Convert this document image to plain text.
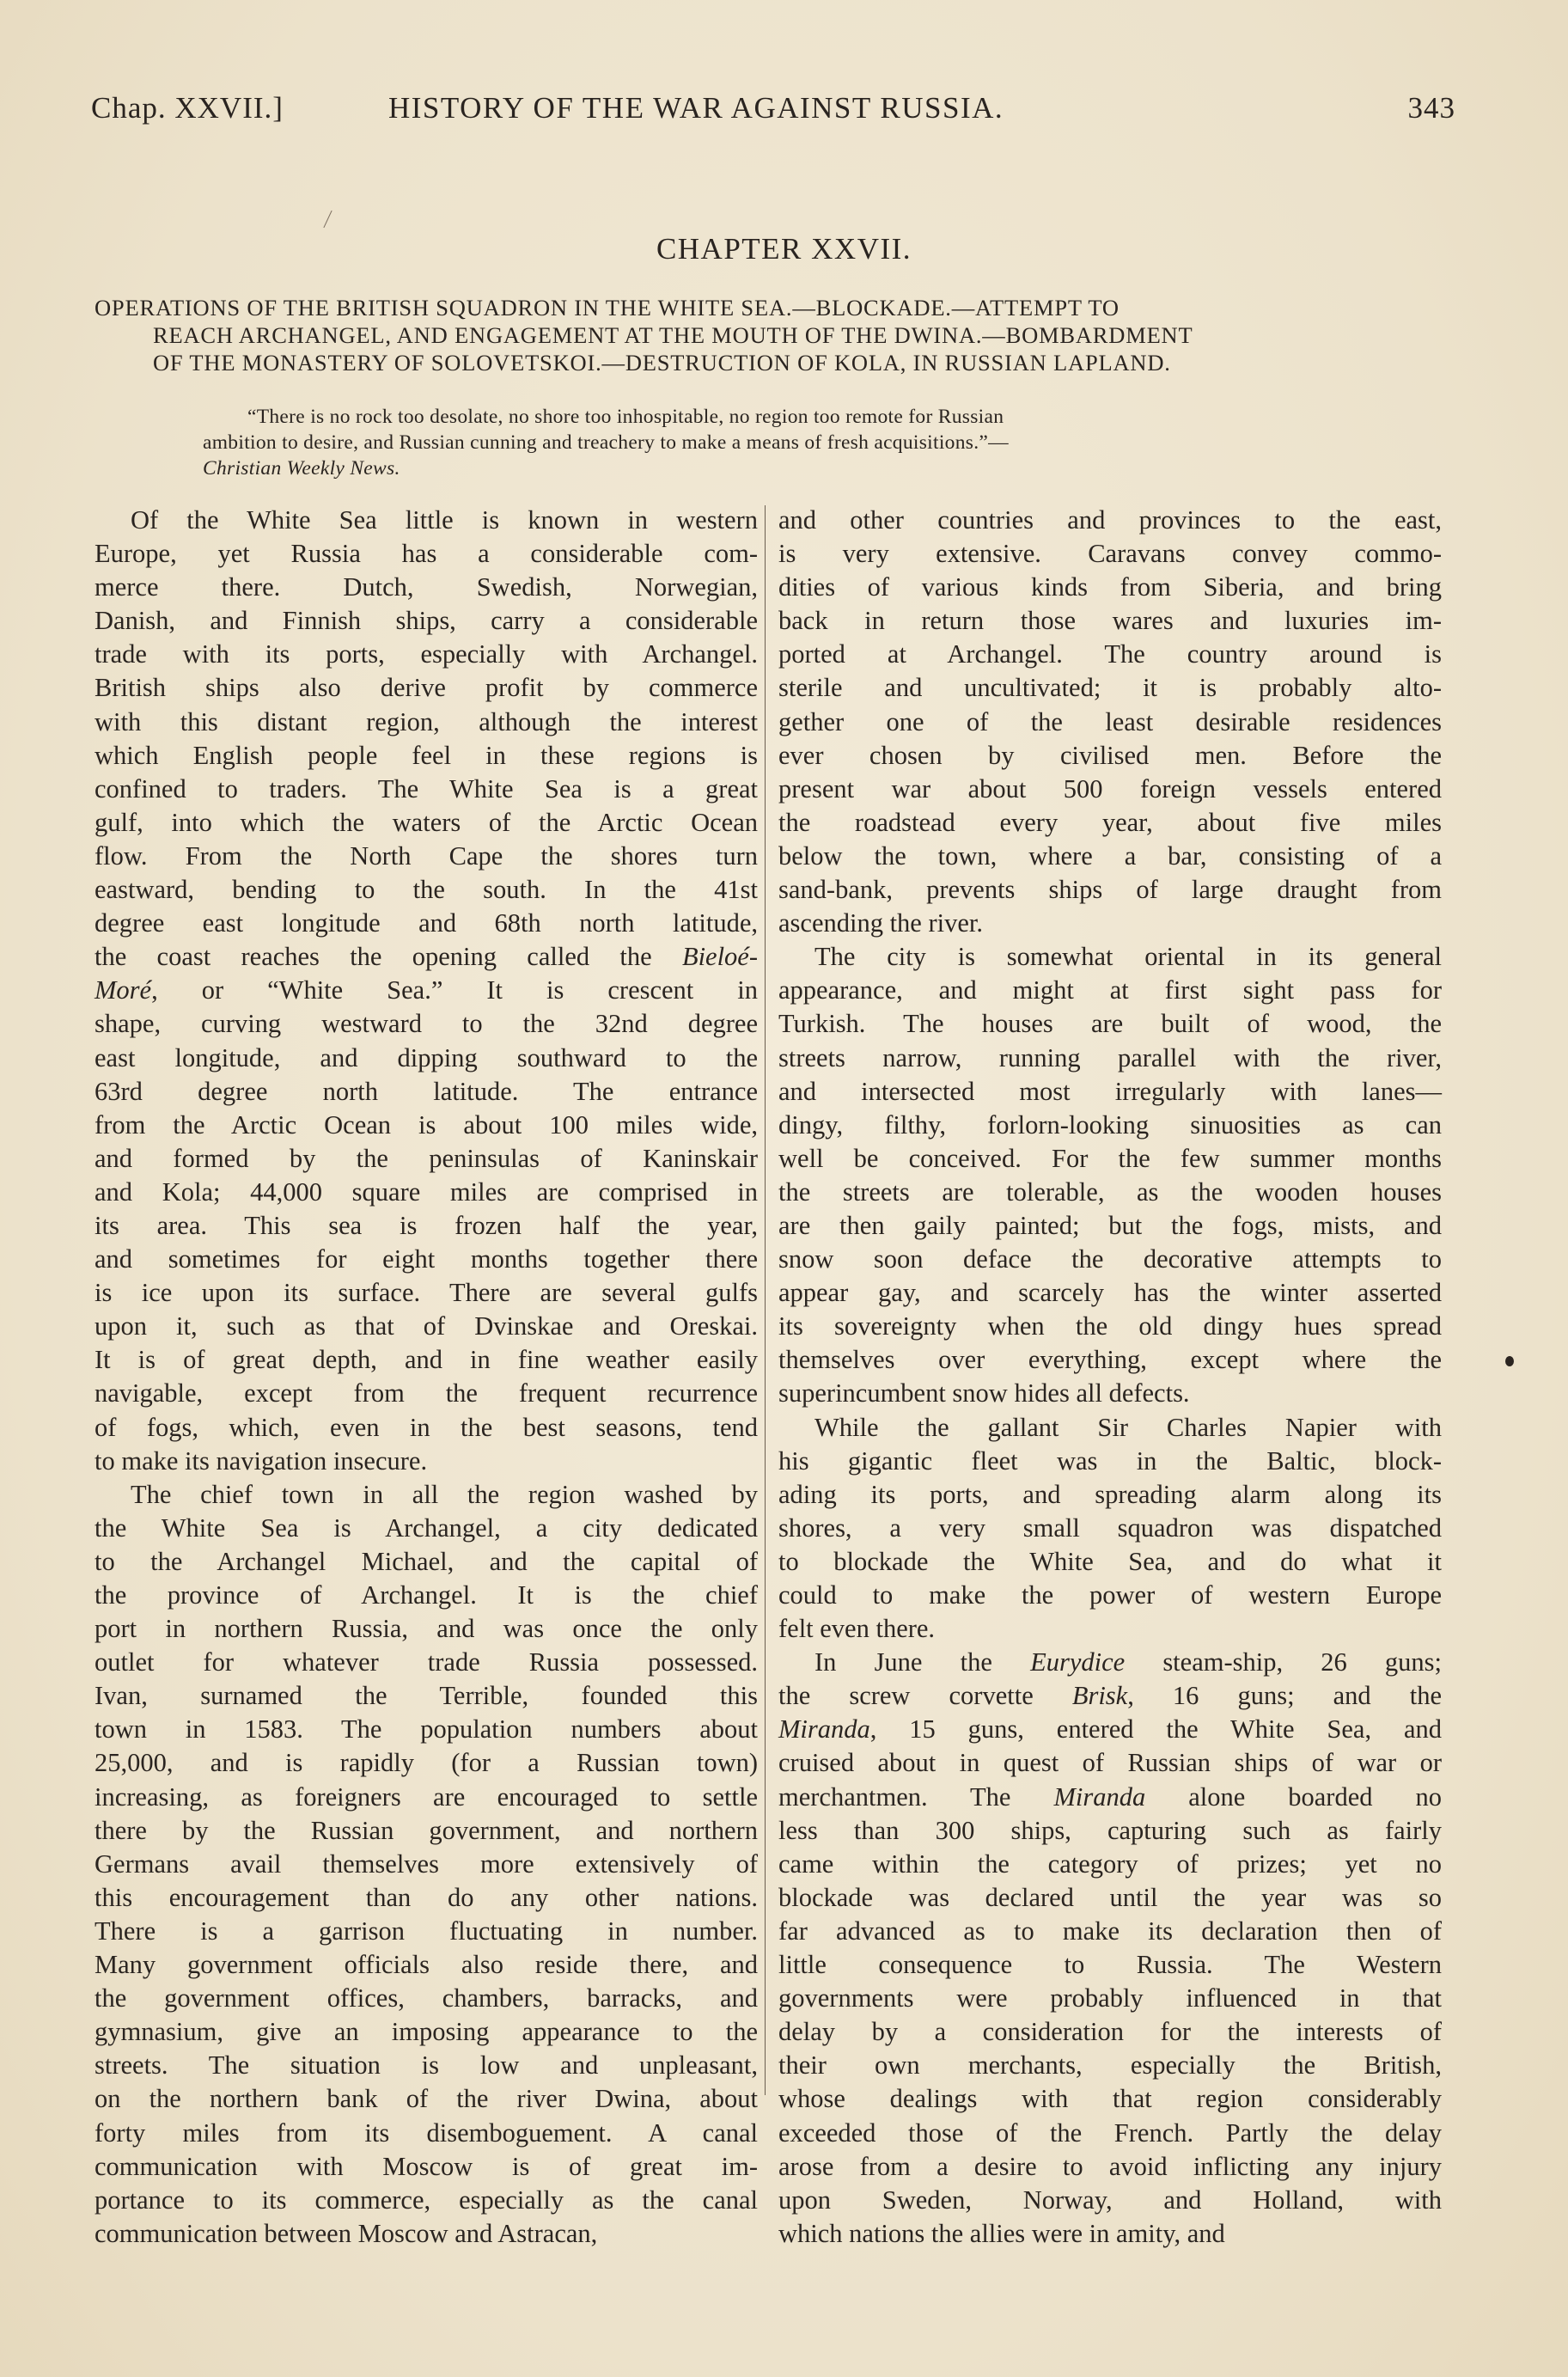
Chap. XXVII.]	HISTORY OF THE WAR AGAINST RUSSIA.	343
CHAPTER XXVII.
OPERATIONS OF THE BRITISH SQUADRON IN THE WHITE SEA.—BLOCKADE.—ATTEMPT TO
REACH ARCHANGEL, AND ENGAGEMENT AT THE MOUTH OF THE DWINA.—BOMBARDMENT
OF THE MONASTERY OF SOLOVETSKOI.—DESTRUCTION OF KOLA, IN RUSSIAN LAPLAND.
“There is no rock too desolate, no shore too inhospitable, no region too remote for Russian
ambition to desire, and Russian cunning and treachery to make a means of fresh acquisitions.”—
Christian Weekly News.
Of the White Sea little is known in western
Europe, yet Russia has a considerable com-
merce there. Dutch, Swedish, Norwegian,
Danish, and Finnish ships, carry a considerable
trade with its ports, especially with Archangel.
British ships also derive profit by commerce
with this distant region, although the interest
which English people feel in these regions is
confined to traders. The White Sea is a great
gulf, into which the waters of the Arctic Ocean
flow. From the North Cape the shores turn
eastward, bending to the south. In the 41st
degree east longitude and 68th north latitude,
the coast reaches the opening called the Bieloé-
Moré, or “White Sea.” It is crescent in
shape, curving westward to the 32nd degree
east longitude, and dipping southward to the
63rd degree north latitude. The entrance
from the Arctic Ocean is about 100 miles wide,
and formed by the peninsulas of Kaninskair
and Kola; 44,000 square miles are comprised in
its area. This sea is frozen half the year,
and sometimes for eight months together there
is ice upon its surface. There are several gulfs
upon it, such as that of Dvinskae and Oreskai.
It is of great depth, and in fine weather easily
navigable, except from the frequent recurrence
of fogs, which, even in the best seasons, tend
to make its navigation insecure.
The chief town in all the region washed by
the White Sea is Archangel, a city dedicated
to the Archangel Michael, and the capital of
the province of Archangel. It is the chief
port in northern Russia, and was once the only
outlet for whatever trade Russia possessed.
Ivan, surnamed the Terrible, founded this
town in 1583. The population numbers about
25,000, and is rapidly (for a Russian town)
increasing, as foreigners are encouraged to settle
there by the Russian government, and northern
Germans avail themselves more extensively of
this encouragement than do any other nations.
There is a garrison fluctuating in number.
Many government officials also reside there, and
the government offices, chambers, barracks, and
gymnasium, give an imposing appearance to the
streets. The situation is low and unpleasant,
on the northern bank of the river Dwina, about
forty miles from its disemboguement. A canal
communication with Moscow is of great im-
portance to its commerce, especially as the canal
communication between Moscow and Astracan,
and other countries and provinces to the east,
is very extensive. Caravans convey commo-
dities of various kinds from Siberia, and bring
back in return those wares and luxuries im-
ported at Archangel. The country around is
sterile and uncultivated; it is probably alto-
gether one of the least desirable residences
ever chosen by civilised men. Before the
present war about 500 foreign vessels entered
the roadstead every year, about five miles
below the town, where a bar, consisting of a
sand-bank, prevents ships of large draught from
ascending the river.
The city is somewhat oriental in its general
appearance, and might at first sight pass for
Turkish. The houses are built of wood, the
streets narrow, running parallel with the river,
and intersected most irregularly with lanes—
dingy, filthy, forlorn-looking sinuosities as can
well be conceived. For the few summer months
the streets are tolerable, as the wooden houses
are then gaily painted; but the fogs, mists, and
snow soon deface the decorative attempts to
appear gay, and scarcely has the winter asserted
its sovereignty when the old dingy hues spread
themselves over everything, except where the
superincumbent snow hides all defects.
While the gallant Sir Charles Napier with
his gigantic fleet was in the Baltic, block-
ading its ports, and spreading alarm along its
shores, a very small squadron was dispatched
to blockade the White Sea, and do what it
could to make the power of western Europe
felt even there.
In June the Eurydice steam-ship, 26 guns;
the screw corvette Brisk, 16 guns; and the
Miranda, 15 guns, entered the White Sea, and
cruised about in quest of Russian ships of war or
merchantmen. The Miranda alone boarded no
less than 300 ships, capturing such as fairly
came within the category of prizes; yet no
blockade was declared until the year was so
far advanced as to make its declaration then of
little consequence to Russia. The Western
governments were probably influenced in that
delay by a consideration for the interests of
their own merchants, especially the British,
whose dealings with that region considerably
exceeded those of the French. Partly the delay
arose from a desire to avoid inflicting any injury
upon Sweden, Norway, and Holland, with
which nations the allies were in amity, and
